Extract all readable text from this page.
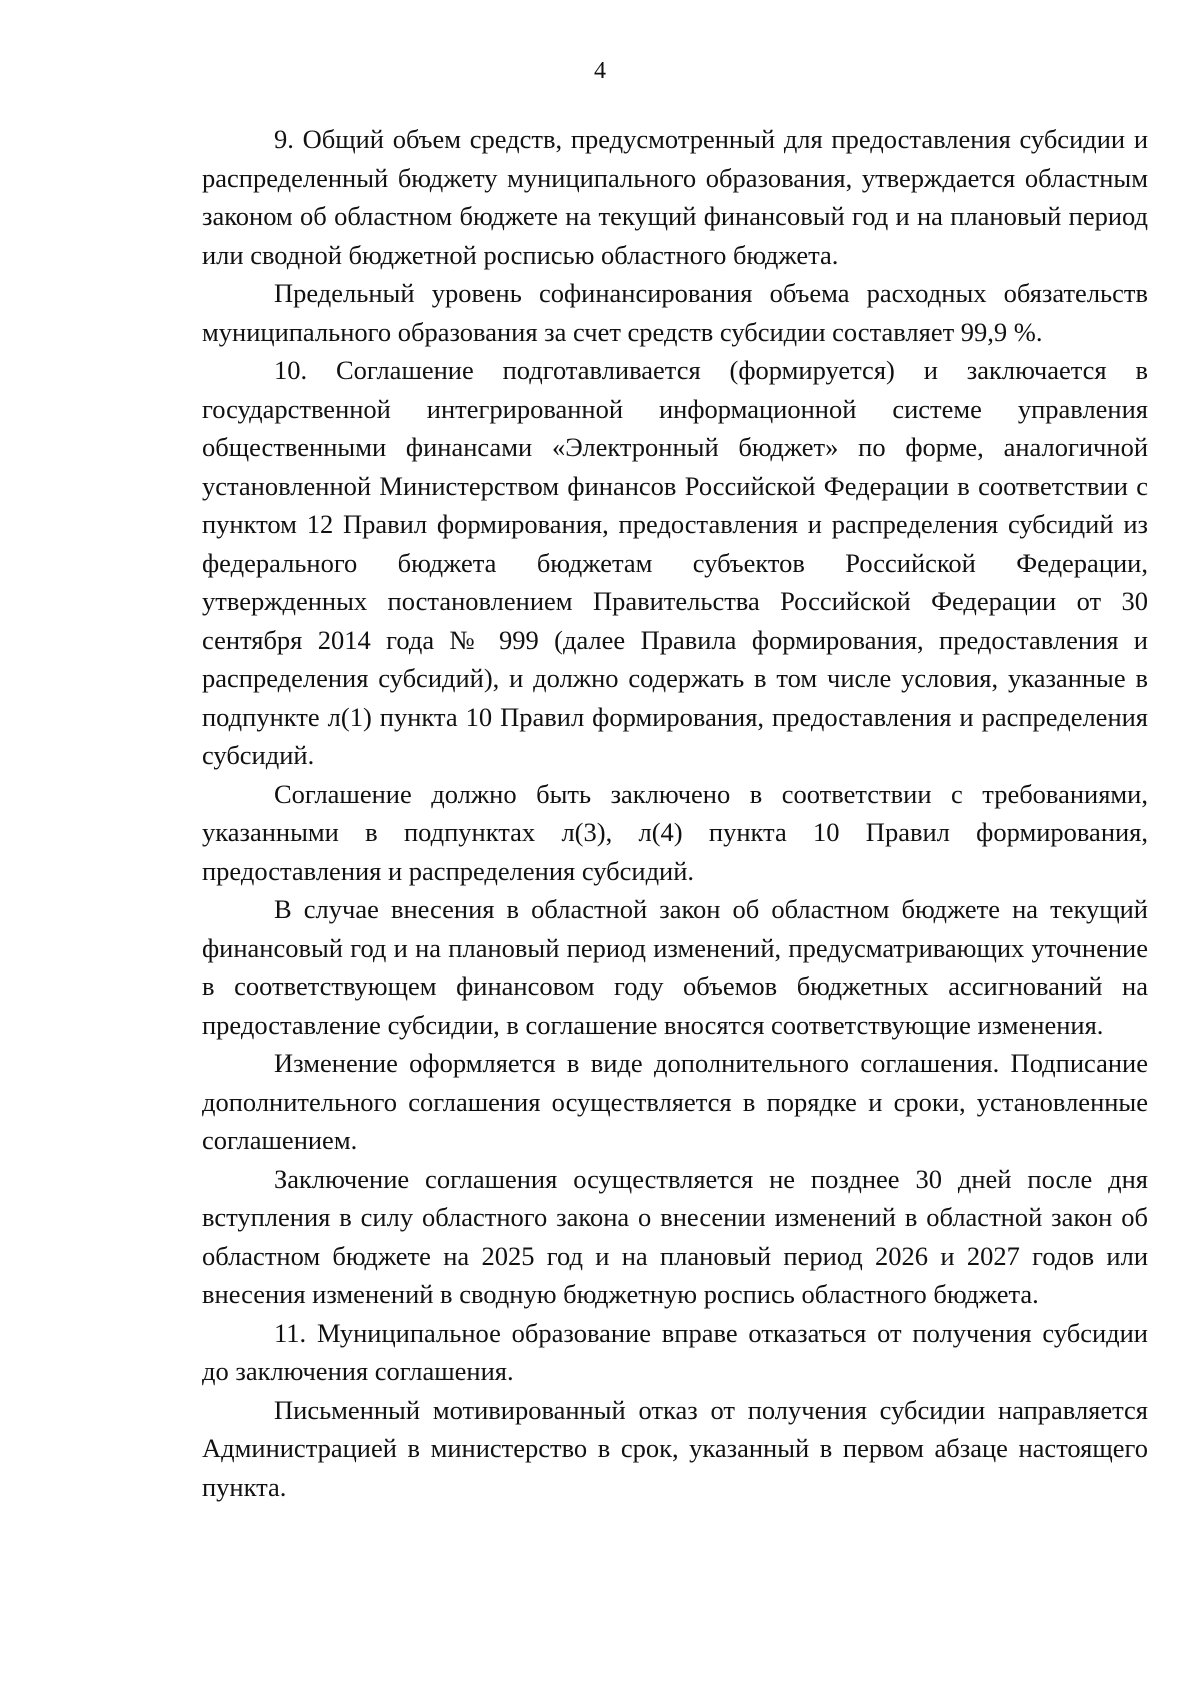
4

9. Общий объем средств, предусмотренный для предоставления субсидии и распределенный бюджету муниципального образования, утверждается областным законом об областном бюджете на текущий финансовый год и на плановый период или сводной бюджетной росписью областного бюджета.

Предельный уровень софинансирования объема расходных обязательств муниципального образования за счет средств субсидии составляет 99,9 %.

10. Соглашение подготавливается (формируется) и заключается в государственной интегрированной информационной системе управления общественными финансами «Электронный бюджет» по форме, аналогичной установленной Министерством финансов Российской Федерации в соответствии с пунктом 12 Правил формирования, предоставления и распределения субсидий из федерального бюджета бюджетам субъектов Российской Федерации, утвержденных постановлением Правительства Российской Федерации от 30 сентября 2014 года № 999 (далее Правила формирования, предоставления и распределения субсидий), и должно содержать в том числе условия, указанные в подпункте л(1) пункта 10 Правил формирования, предоставления и распределения субсидий.

Соглашение должно быть заключено в соответствии с требованиями, указанными в подпунктах л(3), л(4) пункта 10 Правил формирования, предоставления и распределения субсидий.

В случае внесения в областной закон об областном бюджете на текущий финансовый год и на плановый период изменений, предусматривающих уточнение в соответствующем финансовом году объемов бюджетных ассигнований на предоставление субсидии, в соглашение вносятся соответствующие изменения.

Изменение оформляется в виде дополнительного соглашения. Подписание дополнительного соглашения осуществляется в порядке и сроки, установленные соглашением.

Заключение соглашения осуществляется не позднее 30 дней после дня вступления в силу областного закона о внесении изменений в областной закон об областном бюджете на 2025 год и на плановый период 2026 и 2027 годов или внесения изменений в сводную бюджетную роспись областного бюджета.

11. Муниципальное образование вправе отказаться от получения субсидии до заключения соглашения.

Письменный мотивированный отказ от получения субсидии направляется Администрацией в министерство в срок, указанный в первом абзаце настоящего пункта.
